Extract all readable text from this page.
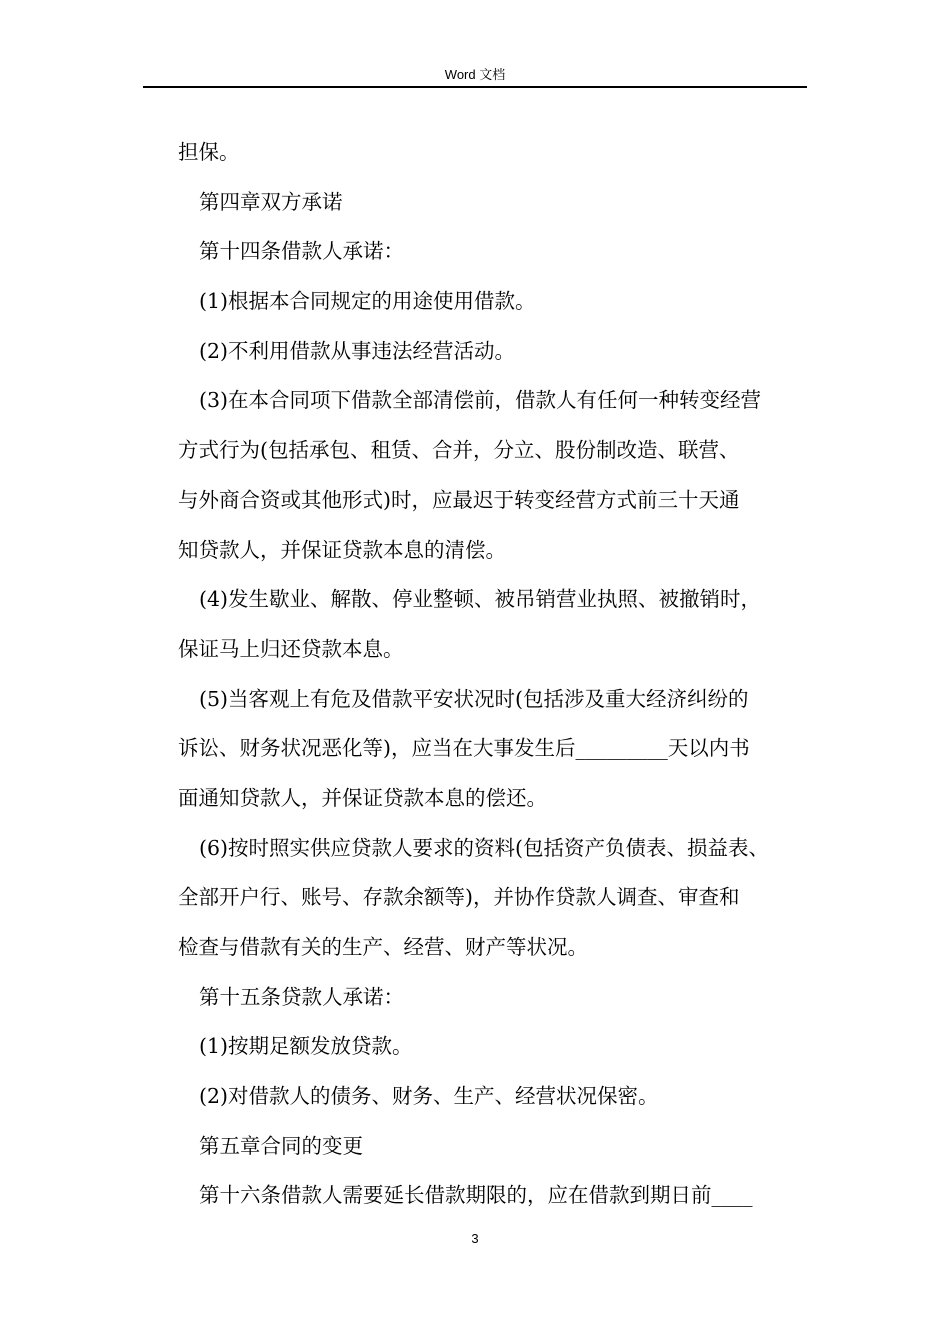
Word 文档
担保。
第四章双方承诺
第十四条借款人承诺：
(1)根据本合同规定的用途使用借款。
(2)不利用借款从事违法经营活动。
(3)在本合同项下借款全部清偿前，借款人有任何一种转变经营
方式行为(包括承包、租赁、合并，分立、股份制改造、联营、
与外商合资或其他形式)时，应最迟于转变经营方式前三十天通
知贷款人，并保证贷款本息的清偿。
(4)发生歇业、解散、停业整顿、被吊销营业执照、被撤销时，
保证马上归还贷款本息。
(5)当客观上有危及借款平安状况时(包括涉及重大经济纠纷的
诉讼、财务状况恶化等)，应当在大事发生后_________天以内书
面通知贷款人，并保证贷款本息的偿还。
(6)按时照实供应贷款人要求的资料(包括资产负债表、损益表、
全部开户行、账号、存款余额等)，并协作贷款人调查、审查和
检查与借款有关的生产、经营、财产等状况。
第十五条贷款人承诺：
(1)按期足额发放贷款。
(2)对借款人的债务、财务、生产、经营状况保密。
第五章合同的变更
第十六条借款人需要延长借款期限的，应在借款到期日前____
3
